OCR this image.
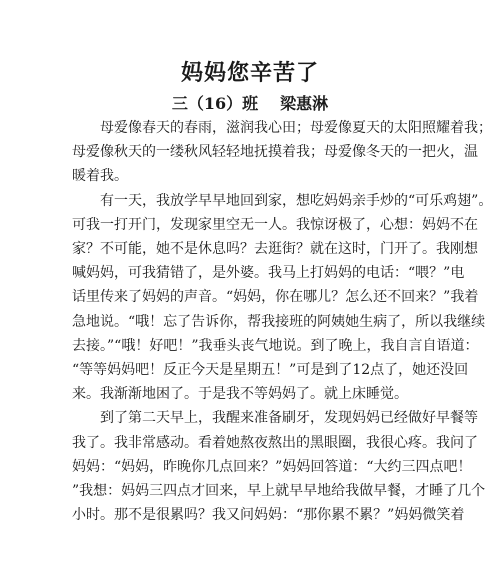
妈妈您辛苦了
三（16）班 梁惠淋
母爱像春天的春雨，滋润我心田；母爱像夏天的太阳照耀着我；
母爱像秋天的一缕秋风轻轻地抚摸着我；母爱像冬天的一把火，温
暖着我。
有一天，我放学早早地回到家，想吃妈妈亲手炒的“可乐鸡翅”。
可我一打开门，发现家里空无一人。我惊讶极了，心想：妈妈不在
家？不可能，她不是休息吗？去逛街？就在这时，门开了。我刚想
喊妈妈，可我猜错了，是外婆。我马上打妈妈的电话：“喂？”电
话里传来了妈妈的声音。“妈妈，你在哪儿？怎么还不回来？”我着
急地说。“哦！忘了告诉你，帮我接班的阿姨她生病了，所以我继续
去接。”“哦！好吧！”我垂头丧气地说。到了晚上，我自言自语道：
“等等妈妈吧！反正今天是星期五！”可是到了12点了，她还没回
来。我渐渐地困了。于是我不等妈妈了。就上床睡觉。
到了第二天早上，我醒来准备刷牙，发现妈妈已经做好早餐等
我了。我非常感动。看着她熬夜熬出的黑眼圈，我很心疼。我问了
妈妈：“妈妈，昨晚你几点回来？”妈妈回答道：“大约三四点吧！
”我想：妈妈三四点才回来，早上就早早地给我做早餐，才睡了几个
小时。那不是很累吗？我又问妈妈：“那你累不累？”妈妈微笑着
